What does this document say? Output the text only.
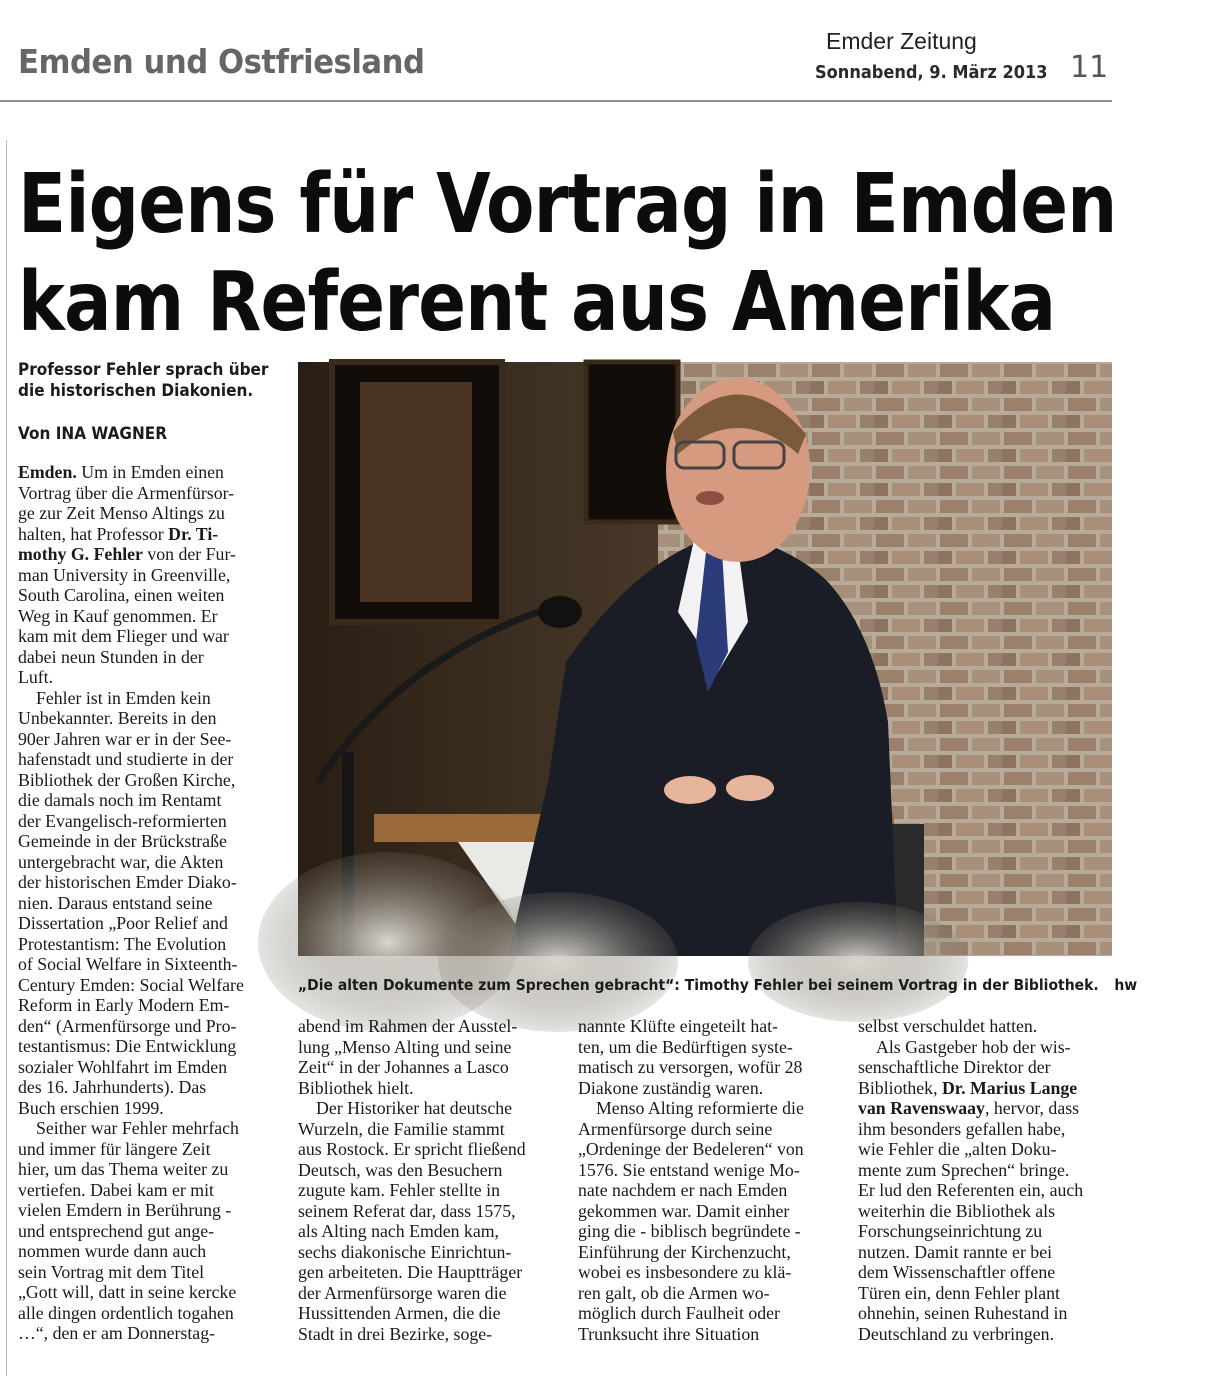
Emden und Ostfriesland
Emder Zeitung
Sonnabend, 9. März 2013 11
Eigens für Vortrag in Emden
kam Referent aus Amerika
Professor Fehler sprach über
die historischen Diakonien.
Von INA WAGNER
Emden. Um in Emden einen
Vortrag über die Armenfürsor-
ge zur Zeit Menso Altings zu
halten, hat Professor Dr. Ti-
mothy G. Fehler von der Fur-
man University in Greenville,
South Carolina, einen weiten
Weg in Kauf genommen. Er
kam mit dem Flieger und war
dabei neun Stunden in der
Luft.
Fehler ist in Emden kein
Unbekannter. Bereits in den
90er Jahren war er in der See-
hafenstadt und studierte in der
Bibliothek der Großen Kirche,
die damals noch im Rentamt
der Evangelisch-reformierten
Gemeinde in der Brückstraße
untergebracht war, die Akten
der historischen Emder Diako-
nien. Daraus entstand seine
Dissertation „Poor Relief and
Protestantism: The Evolution
of Social Welfare in Sixteenth-
Century Emden: Social Welfare
Reform in Early Modern Em-
den“ (Armenfürsorge und Pro-
testantismus: Die Entwicklung
sozialer Wohlfahrt im Emden
des 16. Jahrhunderts). Das
Buch erschien 1999.
Seither war Fehler mehrfach
und immer für längere Zeit
hier, um das Thema weiter zu
vertiefen. Dabei kam er mit
vielen Emdern in Berührung -
und entsprechend gut ange-
nommen wurde dann auch
sein Vortrag mit dem Titel
„Gott will, datt in seine kercke
alle dingen ordentlich togahen
…“, den er am Donnerstag-
„Die alten Dokumente zum Sprechen gebracht“: Timothy Fehler bei seinem Vortrag in der Bibliothek. hw
abend im Rahmen der Ausstel-
lung „Menso Alting und seine
Zeit“ in der Johannes a Lasco
Bibliothek hielt.
Der Historiker hat deutsche
Wurzeln, die Familie stammt
aus Rostock. Er spricht fließend
Deutsch, was den Besuchern
zugute kam. Fehler stellte in
seinem Referat dar, dass 1575,
als Alting nach Emden kam,
sechs diakonische Einrichtun-
gen arbeiteten. Die Hauptträger
der Armenfürsorge waren die
Hussittenden Armen, die die
Stadt in drei Bezirke, soge-
nannte Klüfte eingeteilt hat-
ten, um die Bedürftigen syste-
matisch zu versorgen, wofür 28
Diakone zuständig waren.
Menso Alting reformierte die
Armenfürsorge durch seine
„Ordeninge der Bedeleren“ von
1576. Sie entstand wenige Mo-
nate nachdem er nach Emden
gekommen war. Damit einher
ging die - biblisch begründete -
Einführung der Kirchenzucht,
wobei es insbesondere zu klä-
ren galt, ob die Armen wo-
möglich durch Faulheit oder
Trunksucht ihre Situation
selbst verschuldet hatten.
Als Gastgeber hob der wis-
senschaftliche Direktor der
Bibliothek, Dr. Marius Lange
van Ravenswaay, hervor, dass
ihm besonders gefallen habe,
wie Fehler die „alten Doku-
mente zum Sprechen“ bringe.
Er lud den Referenten ein, auch
weiterhin die Bibliothek als
Forschungseinrichtung zu
nutzen. Damit rannte er bei
dem Wissenschaftler offene
Türen ein, denn Fehler plant
ohnehin, seinen Ruhestand in
Deutschland zu verbringen.
